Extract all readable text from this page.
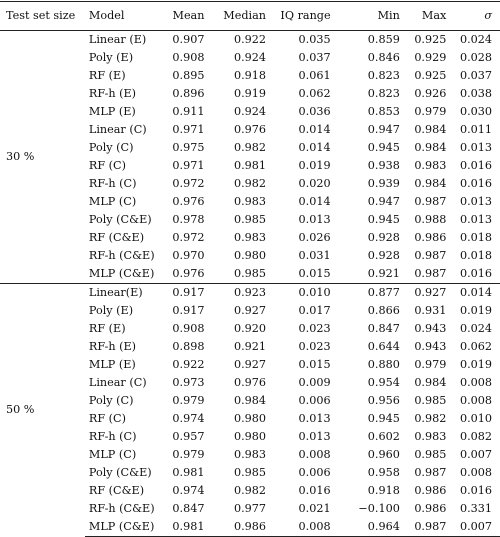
Test set size	Model	Mean	Median	IQ range	Min	Max	σ
30 %	Linear (E)	0.907	0.922	0.035	0.859	0.925	0.024
	Poly (E)	0.908	0.924	0.037	0.846	0.929	0.028
	RF (E)	0.895	0.918	0.061	0.823	0.925	0.037
	RF-h (E)	0.896	0.919	0.062	0.823	0.926	0.038
	MLP (E)	0.911	0.924	0.036	0.853	0.979	0.030
	Linear (C)	0.971	0.976	0.014	0.947	0.984	0.011
	Poly (C)	0.975	0.982	0.014	0.945	0.984	0.013
	RF (C)	0.971	0.981	0.019	0.938	0.983	0.016
	RF-h (C)	0.972	0.982	0.020	0.939	0.984	0.016
	MLP (C)	0.976	0.983	0.014	0.947	0.987	0.013
	Poly (C&E)	0.978	0.985	0.013	0.945	0.988	0.013
	RF (C&E)	0.972	0.983	0.026	0.928	0.986	0.018
	RF-h (C&E)	0.970	0.980	0.031	0.928	0.987	0.018
	MLP (C&E)	0.976	0.985	0.015	0.921	0.987	0.016
50 %	Linear(E)	0.917	0.923	0.010	0.877	0.927	0.014
	Poly (E)	0.917	0.927	0.017	0.866	0.931	0.019
	RF (E)	0.908	0.920	0.023	0.847	0.943	0.024
	RF-h (E)	0.898	0.921	0.023	0.644	0.943	0.062
	MLP (E)	0.922	0.927	0.015	0.880	0.979	0.019
	Linear (C)	0.973	0.976	0.009	0.954	0.984	0.008
	Poly (C)	0.979	0.984	0.006	0.956	0.985	0.008
	RF (C)	0.974	0.980	0.013	0.945	0.982	0.010
	RF-h (C)	0.957	0.980	0.013	0.602	0.983	0.082
	MLP (C)	0.979	0.983	0.008	0.960	0.985	0.007
	Poly (C&E)	0.981	0.985	0.006	0.958	0.987	0.008
	RF (C&E)	0.974	0.982	0.016	0.918	0.986	0.016
	RF-h (C&E)	0.847	0.977	0.021	−0.100	0.986	0.331
	MLP (C&E)	0.981	0.986	0.008	0.964	0.987	0.007
